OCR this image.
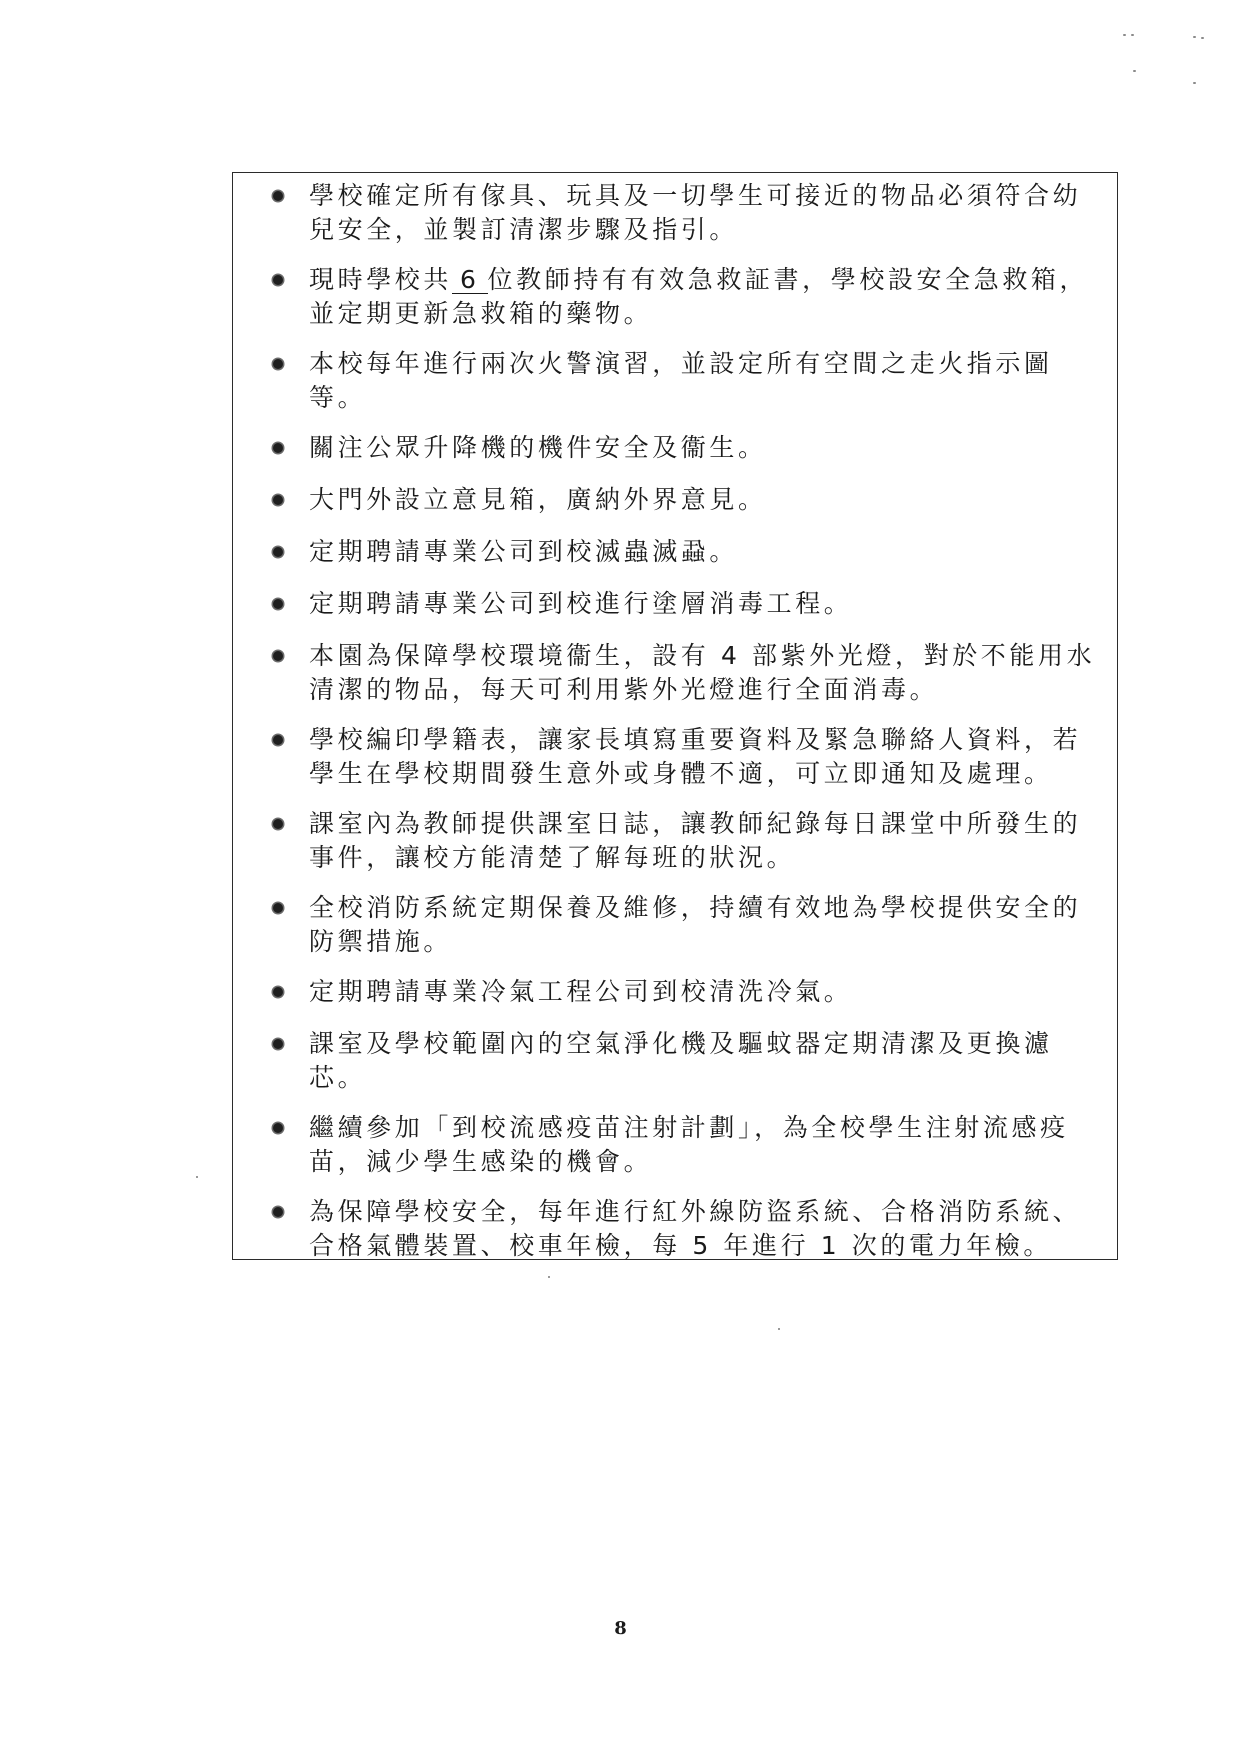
學校確定所有傢具、玩具及一切學生可接近的物品必須符合幼兒安全，並製訂清潔步驟及指引。
現時學校共 6 位教師持有有效急救証書，學校設安全急救箱，並定期更新急救箱的藥物。
本校每年進行兩次火警演習，並設定所有空間之走火指示圖等。
關注公眾升降機的機件安全及衞生。
大門外設立意見箱，廣納外界意見。
定期聘請專業公司到校滅蟲滅蝨。
定期聘請專業公司到校進行塗層消毒工程。
本園為保障學校環境衞生，設有 4 部紫外光燈，對於不能用水清潔的物品，每天可利用紫外光燈進行全面消毒。
學校編印學籍表，讓家長填寫重要資料及緊急聯絡人資料，若學生在學校期間發生意外或身體不適，可立即通知及處理。
課室內為教師提供課室日誌，讓教師紀錄每日課堂中所發生的事件，讓校方能清楚了解每班的狀況。
全校消防系統定期保養及維修，持續有效地為學校提供安全的防禦措施。
定期聘請專業冷氣工程公司到校清洗冷氣。
課室及學校範圍內的空氣淨化機及驅蚊器定期清潔及更換濾芯。
繼續參加「到校流感疫苗注射計劃」，為全校學生注射流感疫苗，減少學生感染的機會。
為保障學校安全，每年進行紅外線防盜系統、合格消防系統、合格氣體裝置、校車年檢，每 5 年進行 1 次的電力年檢。
8
